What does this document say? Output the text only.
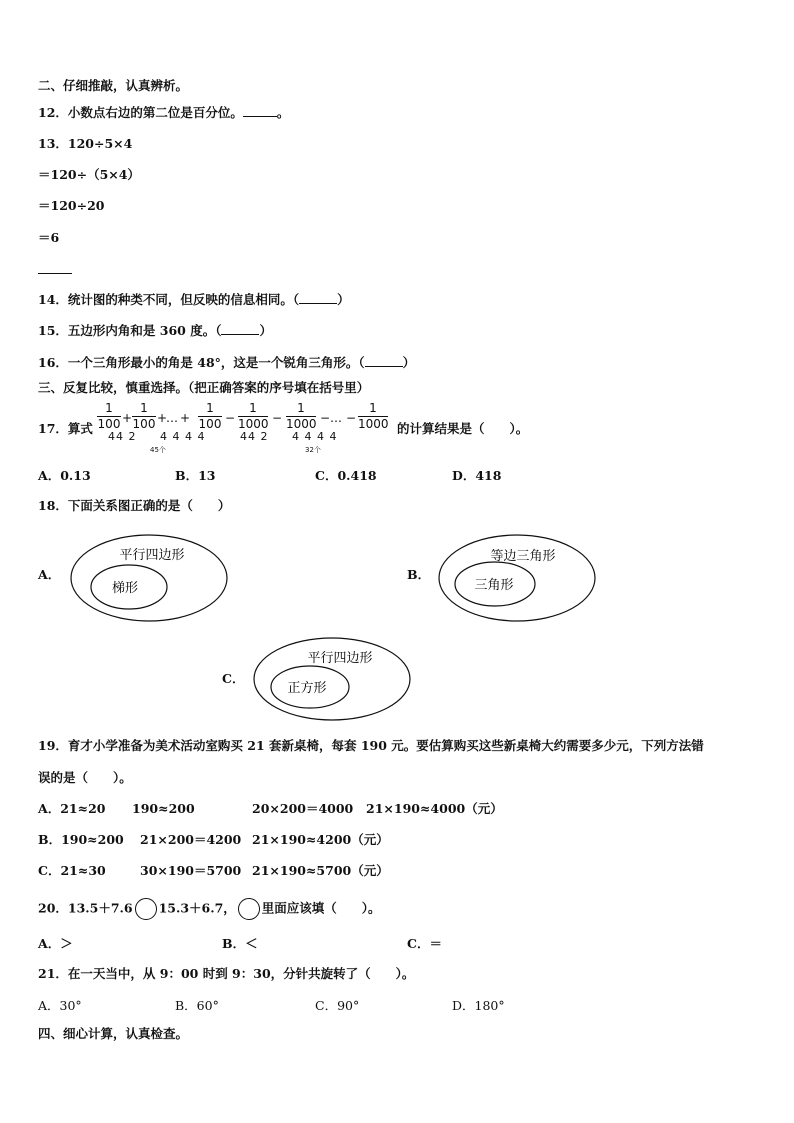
二、仔细推敲，认真辨析。
12．小数点右边的第二位是百分位。	。
13．120÷5×4
＝120÷（5×4）
＝120÷20
＝6
14．统计图的种类不同，但反映的信息相同。（	）
15．五边形内角和是 360 度。（	）
16．一个三角形最小的角是 48°，这是一个锐角三角形。（	）
三、反复比较，慎重选择。（把正确答案的序号填在括号里）
17．算式
1
100 +
1
100 +
… +
1
100 −
1
1000 −
1
1000 − … −
1
1000
44 2 4 4 4 4	44 2 4 4 4 4
45个	32个
的计算结果是（　　）。
A．0.13	B．13	C．0.418	D．418
18．下面关系图正确的是（　　）
A．
平行四边形
梯形
B．
等边三角形
三角形
C．
平行四边形
正方形
19．育才小学准备为美术活动室购买 21 套新桌椅，每套 190 元。要估算购买这些新桌椅大约需要多少元，下列方法错
误的是（　　）。
A．21≈20 190≈200	20×200＝4000 21×190≈4000（元）
B．190≈200 21×200＝4200 21×190≈4200（元）
C．21≈30	30×190＝5700 21×190≈5700（元）
20．13.5＋7.6 15.3＋6.7， 里面应该填（　　）。
A．＞	B．＜	C．＝
21．在一天当中，从 9：00 时到 9：30，分针共旋转了（　　）。
A．30°	B．60°	C．90°	D．180°
四、细心计算，认真检查。
